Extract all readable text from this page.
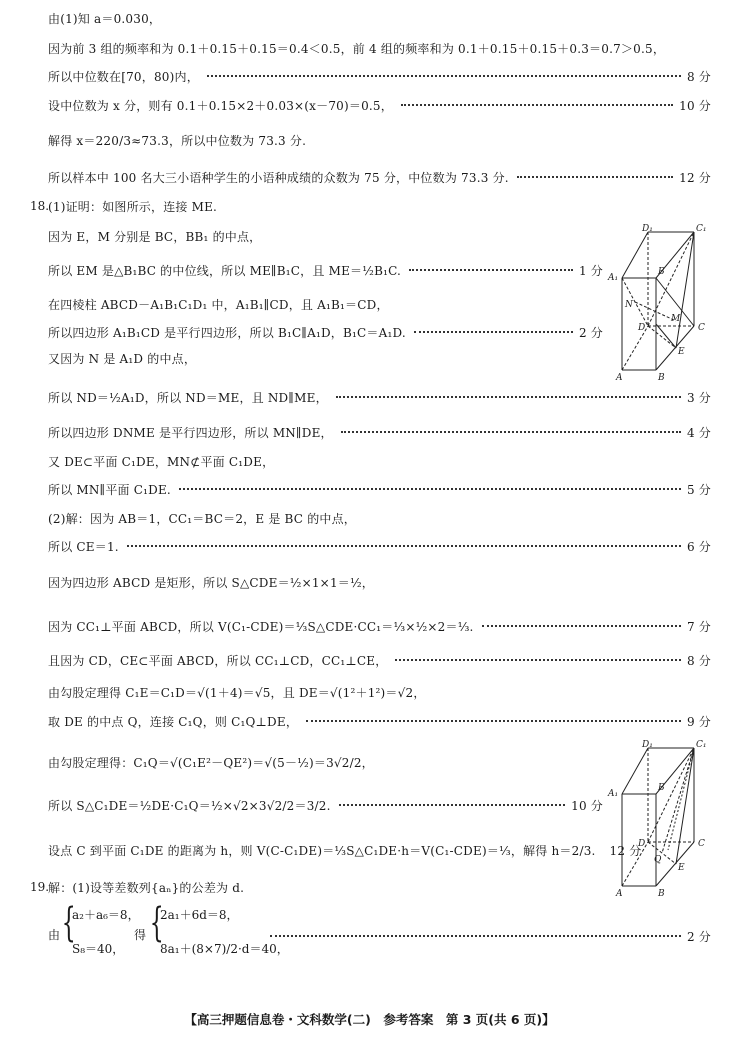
由(1)知 a＝0.030，
因为前 3 组的频率和为 0.1＋0.15＋0.15＝0.4＜0.5，前 4 组的频率和为 0.1＋0.15＋0.15＋0.3＝0.7＞0.5，
所以中位数在[70，80)内，	8 分
设中位数为 x 分，则有 0.1＋0.15×2＋0.03×(x－70)＝0.5，	10 分
解得 x＝220/3≈73.3，所以中位数为 73.3 分.
所以样本中 100 名大三小语种学生的小语种成绩的众数为 75 分，中位数为 73.3 分.	12 分
18.
(1)证明：如图所示，连接 ME.
因为 E，M 分别是 BC，BB₁ 的中点，
所以 EM 是△B₁BC 的中位线，所以 ME∥B₁C，且 ME＝½B₁C.	1 分
在四棱柱 ABCD－A₁B₁C₁D₁ 中，A₁B₁∥CD，且 A₁B₁＝CD，
所以四边形 A₁B₁CD 是平行四边形，所以 B₁C∥A₁D，B₁C＝A₁D.	2 分
又因为 N 是 A₁D 的中点，
所以 ND＝½A₁D，所以 ND＝ME，且 ND∥ME，	3 分
所以四边形 DNME 是平行四边形，所以 MN∥DE，	4 分
又 DE⊂平面 C₁DE，MN⊄平面 C₁DE，
所以 MN∥平面 C₁DE.	5 分
(2)解：因为 AB＝1，CC₁＝BC＝2，E 是 BC 的中点，
所以 CE＝1.	6 分
因为四边形 ABCD 是矩形，所以 S△CDE＝½×1×1＝½，
因为 CC₁⊥平面 ABCD，所以 V(C₁-CDE)＝⅓S△CDE·CC₁＝⅓×½×2＝⅓.	7 分
且因为 CD，CE⊂平面 ABCD，所以 CC₁⊥CD，CC₁⊥CE，	8 分
由勾股定理得 C₁E＝C₁D＝√(1＋4)＝√5，且 DE＝√(1²＋1²)＝√2，
取 DE 的中点 Q，连接 C₁Q，则 C₁Q⊥DE，	9 分
由勾股定理得：C₁Q＝√(C₁E²－QE²)＝√(5－½)＝3√2/2，
所以 S△C₁DE＝½DE·C₁Q＝½×√2×3√2/2＝3/2.	10 分
设点 C 到平面 C₁DE 的距离为 h，则 V(C-C₁DE)＝⅓S△C₁DE·h＝V(C₁-CDE)＝⅓，解得 h＝2/3. 12 分
19.
解：(1)设等差数列{aₙ}的公差为 d.
由 {
a₂＋a₆＝8，
S₈＝40，
得 {
2a₁＋6d＝8，
8a₁＋(8×7)/2·d＝40，
2 分
D₁	C₁
A₁
B
N
D
M
C
E
A	B
D₁	C₁
A₁
B
D	C
Q
E
A	B
【高三押题信息卷・文科数学(二)　参考答案　第 3 页(共 6 页)】
